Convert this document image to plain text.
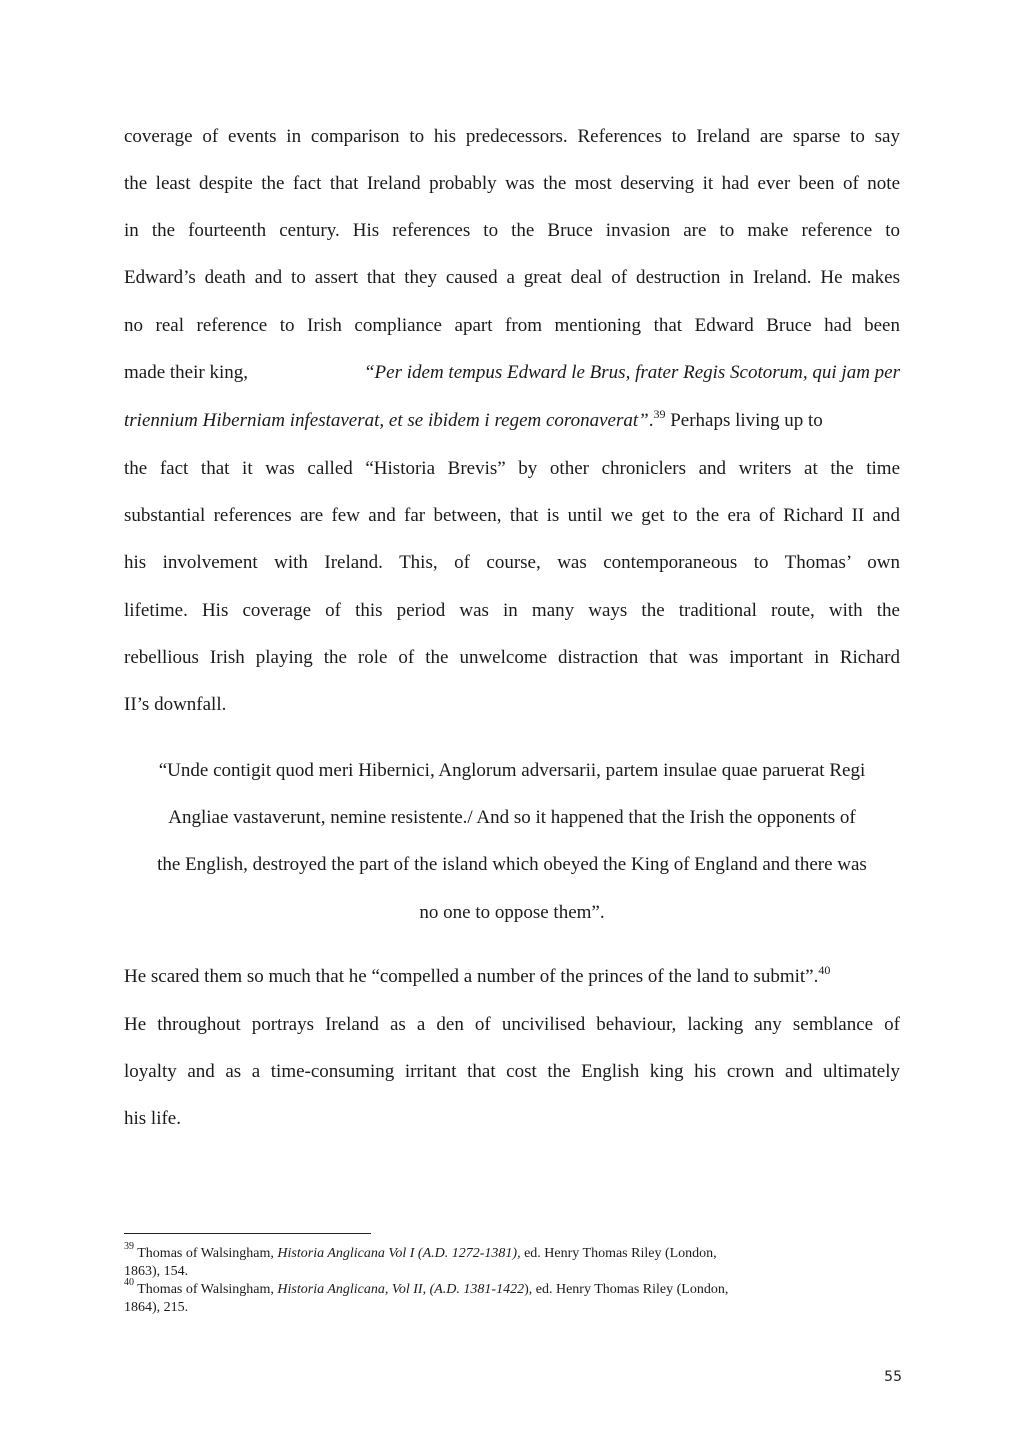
coverage of events in comparison to his predecessors. References to Ireland are sparse to say
the least despite the fact that Ireland probably was the most deserving it had ever been of note
in the fourteenth century. His references to the Bruce invasion are to make reference to
Edward’s death and to assert that they caused a great deal of destruction in Ireland. He makes
no real reference to Irish compliance apart from mentioning that Edward Bruce had been
made their king,	“Per idem tempus Edward le Brus, frater Regis Scotorum, qui jam per
triennium Hiberniam infestaverat, et se ibidem i regem coronaverat”.$^{39}$ Perhaps living up to
the fact that it was called “Historia Brevis” by other chroniclers and writers at the time
substantial references are few and far between, that is until we get to the era of Richard II and
his involvement with Ireland. This, of course, was contemporaneous to Thomas’ own
lifetime. His coverage of this period was in many ways the traditional route, with the
rebellious Irish playing the role of the unwelcome distraction that was important in Richard
II’s downfall.
“Unde contigit quod meri Hibernici, Anglorum adversarii, partem insulae quae paruerat Regi
Angliae vastaverunt, nemine resistente./ And so it happened that the Irish the opponents of
the English, destroyed the part of the island which obeyed the King of England and there was
no one to oppose them”.
He scared them so much that he “compelled a number of the princes of the land to submit”.$^{40}$
He throughout portrays Ireland as a den of uncivilised behaviour, lacking any semblance of
loyalty and as a time-consuming irritant that cost the English king his crown and ultimately
his life.
$^{39}$ Thomas of Walsingham, Historia Anglicana Vol I (A.D. 1272-1381), ed. Henry Thomas Riley (London,
1863), 154.
$^{40}$ Thomas of Walsingham, Historia Anglicana, Vol II, (A.D. 1381-1422), ed. Henry Thomas Riley (London,
1864), 215.
55
